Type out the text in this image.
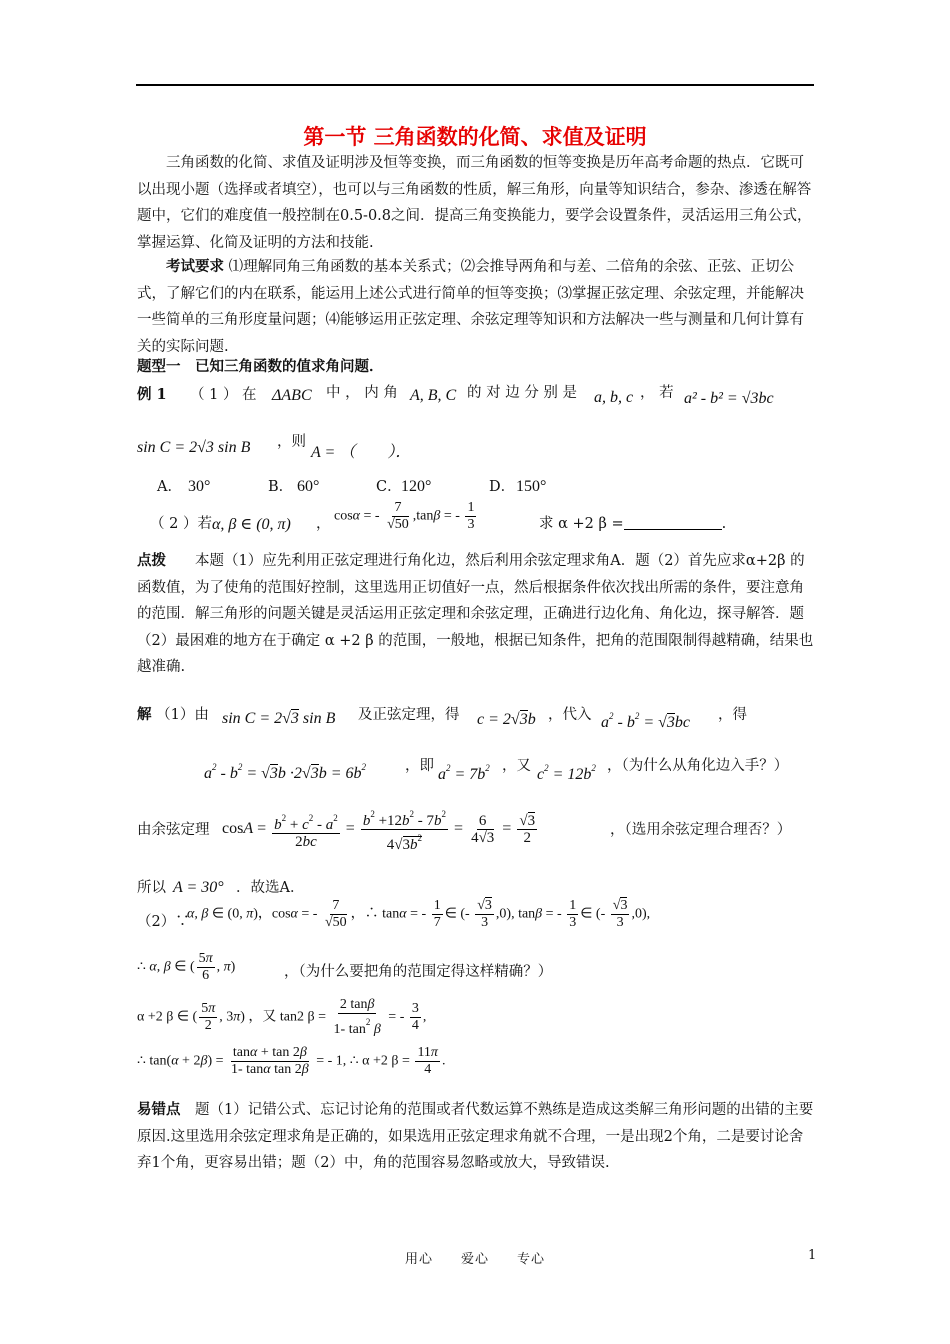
第一节 三角函数的化简、求值及证明
三角函数的化简、求值及证明涉及恒等变换，而三角函数的恒等变换是历年高考命题的热点．它既可以出现小题（选择或者填空），也可以与三角函数的性质，解三角形，向量等知识结合，参杂、渗透在解答题中，它们的难度值一般控制在0.5-0.8之间．提高三角变换能力，要学会设置条件，灵活运用三角公式，掌握运算、化简及证明的方法和技能.
考试要求 ⑴理解同角三角函数的基本关系式；⑵会推导两角和与差、二倍角的余弦、正弦、正切公式，了解它们的内在联系，能运用上述公式进行简单的恒等变换；⑶掌握正弦定理、余弦定理，并能解决一些简单的三角形度量问题；⑷能够运用正弦定理、余弦定理等知识和方法解决一些与测量和几何计算有关的实际问题.
题型一　已知三角函数的值求角问题．
例 1 （ 1 ） 在 ΔABC 中 ， 内 角 A, B, C 的 对 边 分 别 是 a, b, c ， 若 a² - b² = √3bc
sin C = 2√3 sin B ，则
A = （　　）．
A． 30°	B． 60°	C． 120°	D． 150°
（ 2 ）若 α, β ∈ (0, π) ， cosα = - $\frac{7}{√50} ,\tan\beta$ = - $\frac{1}{3}$	求 α +2 β =	.
点拨　　 本题（1）应先利用正弦定理进行角化边，然后利用余弦定理求角A．题（2）首先应求α+2β 的函数值，为了使角的范围好控制，这里选用正切值好一点，然后根据条件依次找出所需的条件，要注意角的范围．解三角形的问题关键是灵活运用正弦定理和余弦定理，正确进行边化角、角化边，探寻解答．题（2）最困难的地方在于确定 α +2 β 的范围，一般地，根据已知条件，把角的范围限制得越精确，结果也越准确.
解 （1）由 sin C = 2√3 sin B 及正弦定理，得 c = 2√3b ，代入 $a^2 - b^2 = √3bc$ ，得
$a^2 - b^2 = √3b \cdot 2√3b = 6b^2$	，即 $a^2 = 7b^2$ ，又 $c^2 = 12b^2$ ，（为什么从角化边入手？）
由余弦定理 $\cos A = \frac{b^2 + c^2 - a^2}{2bc} = \frac{b^2 +12b^2 - 7b^2}{4√3b^2} = \frac{6}{4√3} = \frac{√3}{2}$	，（选用余弦定理合理否？）
所以 A = 30° ．故选A．
（2）∵
α, β ∈ (0, π)，cosα = - $\frac{7}{√50}$ ，∴ tanα = - $\frac{1}{7}$ ∈ (- $\frac{√3}{3} ,0$), tanβ = - $\frac{1}{3}$ ∈ (- $\frac{√3}{3} ,0$),
∴ α, β ∈ ( $\frac{5\pi}{6}$ , π)	，（为什么要把角的范围定得这样精确？）
α +2 β ∈ ( $\frac{5\pi}{2}$ , 3π) ，又 tan2 $\beta = \frac{2 \tan\beta}{1- \tan^2 \beta}$ = - $\frac{3}{4}$ ,
∴ $\tan(\alpha + 2\beta) = \frac{\tan\alpha + \tan 2\beta}{\text{1- tanα tan 2β}}$ = - 1, ∴ α +2 $\beta = \frac{11\pi}{4}$ .
易错点　 题（1）记错公式、忘记讨论角的范围或者代数运算不熟练是造成这类解三角形问题的出错的主要原因.这里选用余弦定理求角是正确的，如果选用正弦定理求角就不合理，一是出现2个角，二是要讨论舍弃1个角，更容易出错；题（2）中，角的范围容易忽略或放大，导致错误.
用心　　爱心　　专心	1
